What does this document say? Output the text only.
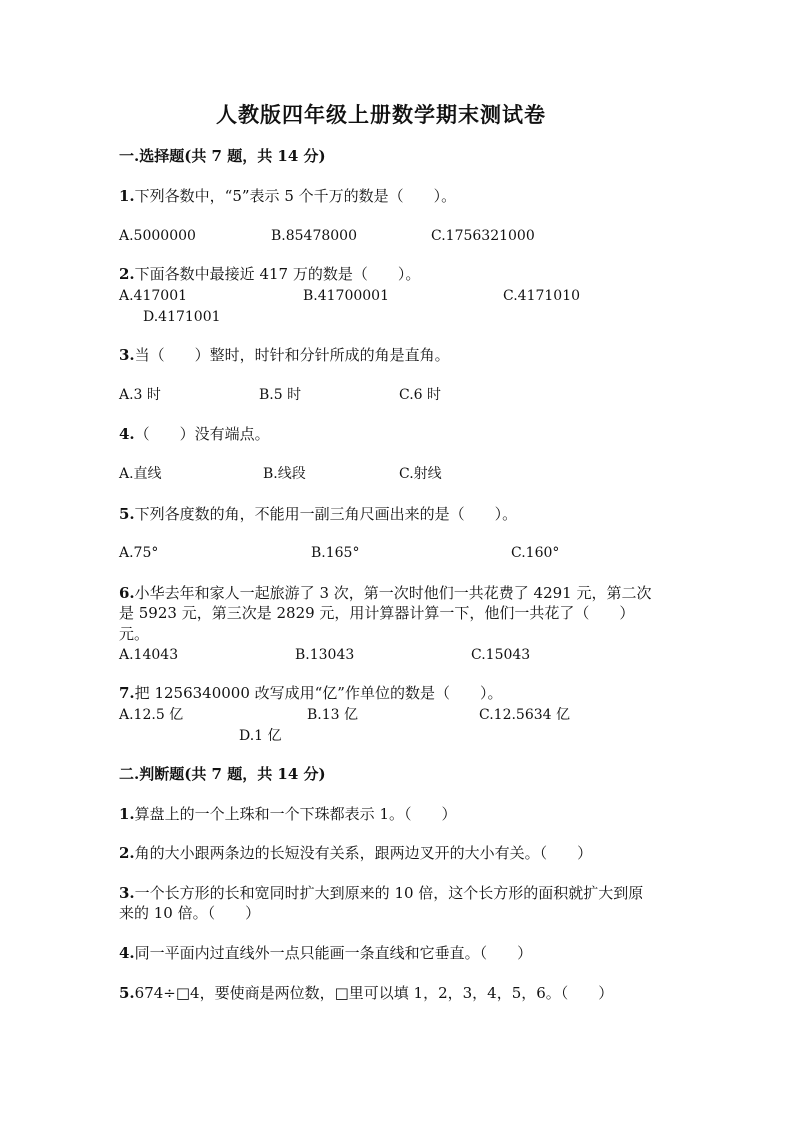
人教版四年级上册数学期末测试卷
一.选择题(共 7 题，共 14 分)
1.下列各数中，“5”表示 5 个千万的数是（　　）。
A.5000000	B.85478000	C.1756321000
2.下面各数中最接近 417 万的数是（　　）。
A.417001	B.41700001	C.4171010
D.4171001
3.当（　　）整时，时针和分针所成的角是直角。
A.3 时	B.5 时	C.6 时
4.（　　）没有端点。
A.直线	B.线段	C.射线
5.下列各度数的角，不能用一副三角尺画出来的是（　　）。
A.75°	B.165°	C.160°
6.小华去年和家人一起旅游了 3 次，第一次时他们一共花费了 4291 元，第二次
是 5923 元，第三次是 2829 元，用计算器计算一下，他们一共花了（　　）
元。
A.14043	B.13043	C.15043
7.把 1256340000 改写成用“亿”作单位的数是（　　）。
A.12.5 亿	B.13 亿	C.12.5634 亿
D.1 亿
二.判断题(共 7 题，共 14 分)
1.算盘上的一个上珠和一个下珠都表示 1。（　　）
2.角的大小跟两条边的长短没有关系，跟两边叉开的大小有关。（　　）
3.一个长方形的长和宽同时扩大到原来的 10 倍，这个长方形的面积就扩大到原
来的 10 倍。（　　）
4.同一平面内过直线外一点只能画一条直线和它垂直。（　　）
5.674÷□4，要使商是两位数，□里可以填 1，2，3，4，5，6。（　　）
